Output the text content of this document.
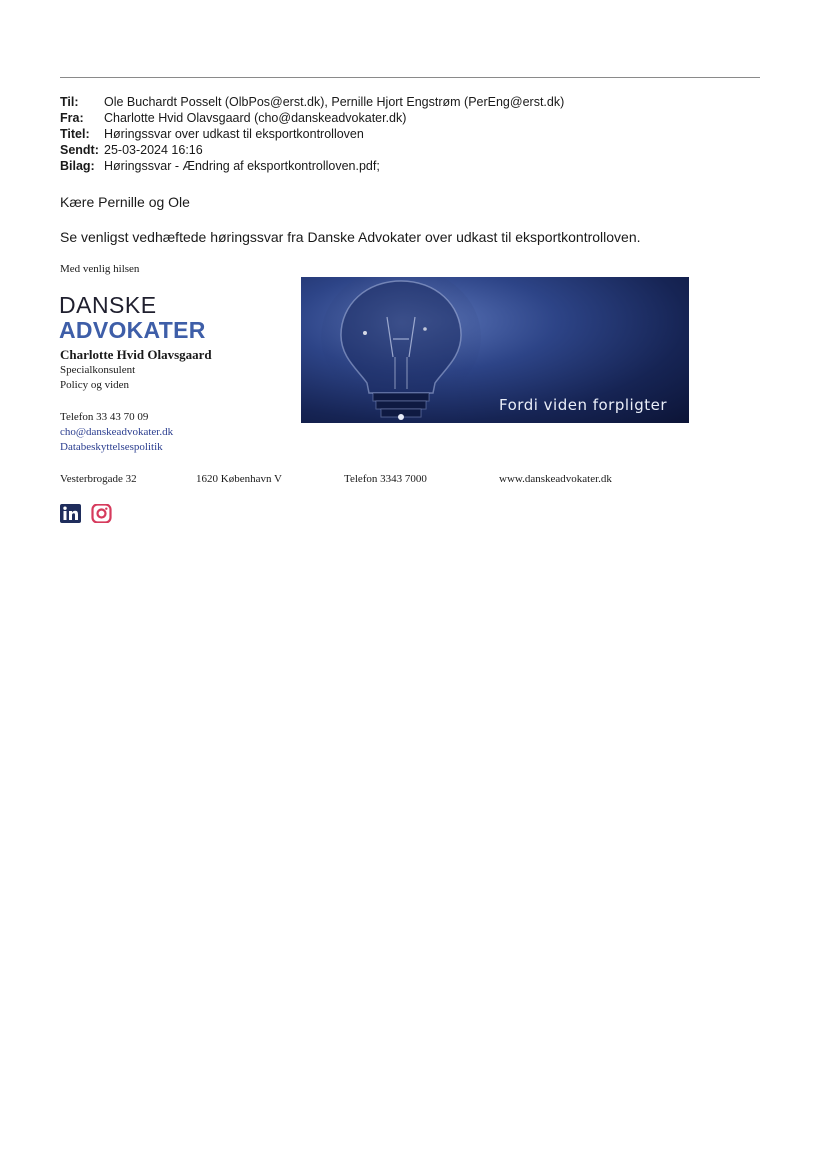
Til:	Ole Buchardt Posselt (OlbPos@erst.dk), Pernille Hjort Engstrøm (PerEng@erst.dk)
Fra:	Charlotte Hvid Olavsgaard (cho@danskeadvokater.dk)
Titel:	Høringssvar over udkast til eksportkontrolloven
Sendt: 25-03-2024 16:16
Bilag: Høringssvar - Ændring af eksportkontrolloven.pdf;
Kære Pernille og Ole
Se venligst vedhæftede høringssvar fra Danske Advokater over udkast til eksportkontrolloven.
Med venlig hilsen
DANSKE
ADVOKATER
Charlotte Hvid Olavsgaard
Specialkonsulent
Policy og viden
Telefon 33 43 70 09
cho@danskeadvokater.dk
Databeskyttelsespolitik
Fordi viden forpligter
Vesterbrogade 32	1620 København V	Telefon 3343 7000	www.danskeadvokater.dk
